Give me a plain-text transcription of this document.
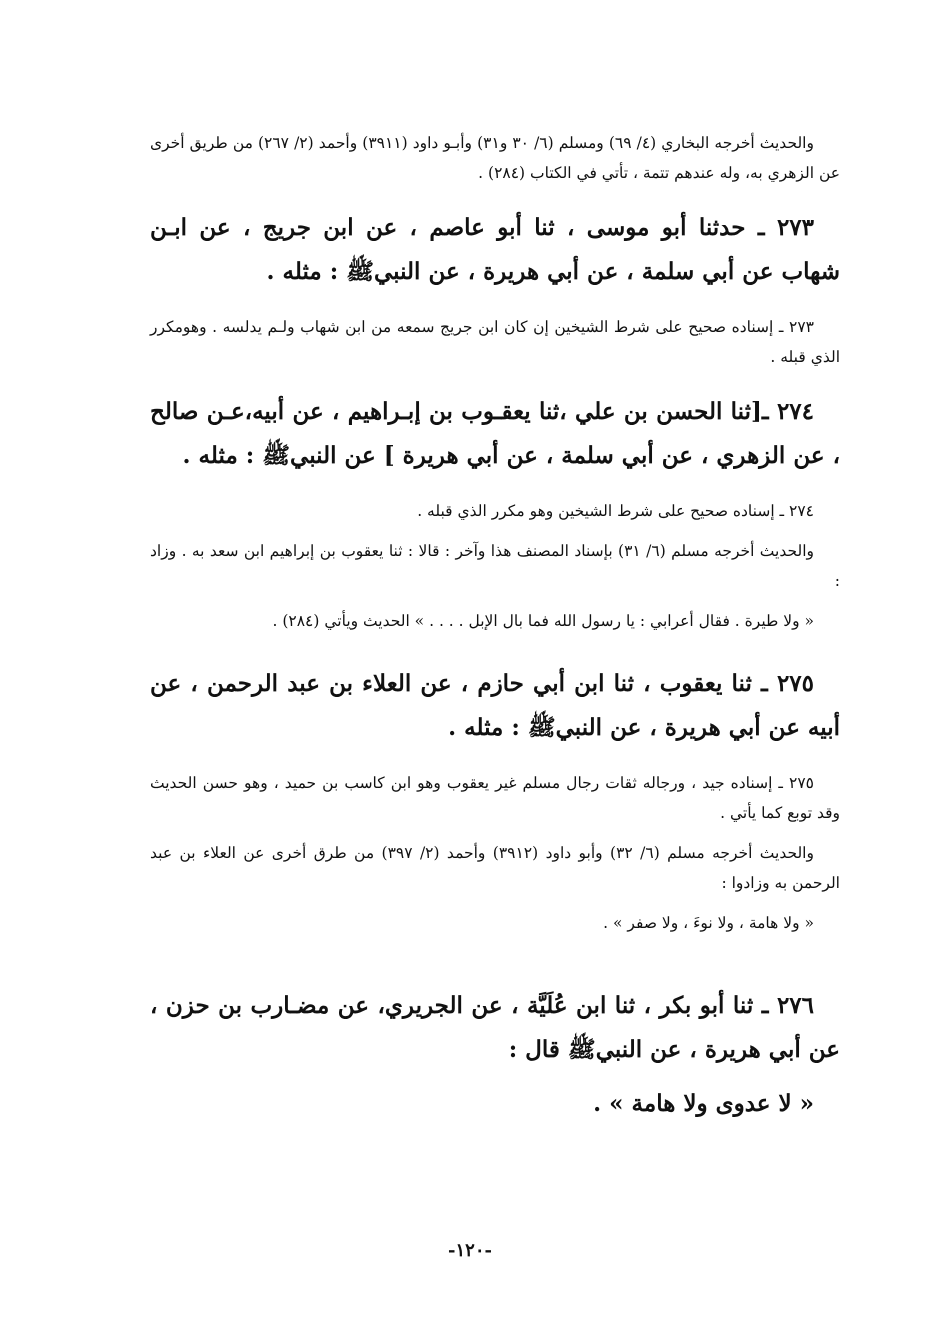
والحديث أخرجه البخاري (٤/ ٦٩) ومسلم (٦/ ٣٠ و٣١) وأبـو داود (٣٩١١) وأحمد (٢/ ٢٦٧) من طريق أخرى عن الزهري به، وله عندهم تتمة ، تأتي في الكتاب (٢٨٤) .

٢٧٣ ـ حدثنا أبو موسى ، ثنا أبو عاصم ، عن ابن جريج ، عن ابـن شهاب عن أبي سلمة ، عن أبي هريرة ، عن النبيﷺ : مثله .

٢٧٣ ـ إسناده صحيح على شرط الشيخين إن كان ابن جريج سمعه من ابن شهاب ولـم يدلسه . وهومكرر الذي قبله .

٢٧٤ ـ[ثنا الحسن بن علي ،ثنا يعقـوب بن إبـراهيم ، عن أبيه،عـن صالح ، عن الزهري ، عن أبي سلمة ، عن أبي هريرة ] عن النبيﷺ : مثله .

٢٧٤ ـ إسناده صحيح على شرط الشيخين وهو مكرر الذي قبله .

والحديث أخرجه مسلم (٦/ ٣١) بإسناد المصنف هذا وآخر : قالا : ثنا يعقوب بن إبراهيم ابن سعد به . وزاد :

« ولا طيرة . فقال أعرابي : يا رسول الله فما بال الإبل . . . . » الحديث ويأتي (٢٨٤) .

٢٧٥ ـ ثنا يعقوب ، ثنا ابن أبي حازم ، عن العلاء بن عبد الرحمن ، عن أبيه عن أبي هريرة ، عن النبيﷺ : مثله .

٢٧٥ ـ إسناده جيد ، ورجاله ثقات رجال مسلم غير يعقوب وهو ابن كاسب بن حميد ، وهو حسن الحديث وقد توبع كما يأتي .

والحديث أخرجه مسلم (٦/ ٣٢) وأبو داود (٣٩١٢) وأحمد (٢/ ٣٩٧) من طرق أخرى عن العلاء بن عبد الرحمن به وزادوا :

« ولا هامة ، ولا نوءَ ، ولا صفر » .

٢٧٦ ـ ثنا أبو بكر ، ثنا ابن عُلَيَّة ، عن الجريري، عن مضـارب بن حزن ، عن أبي هريرة ، عن النبيﷺ قال :

« لا عدوى ولا هامة » .

-١٢٠-
